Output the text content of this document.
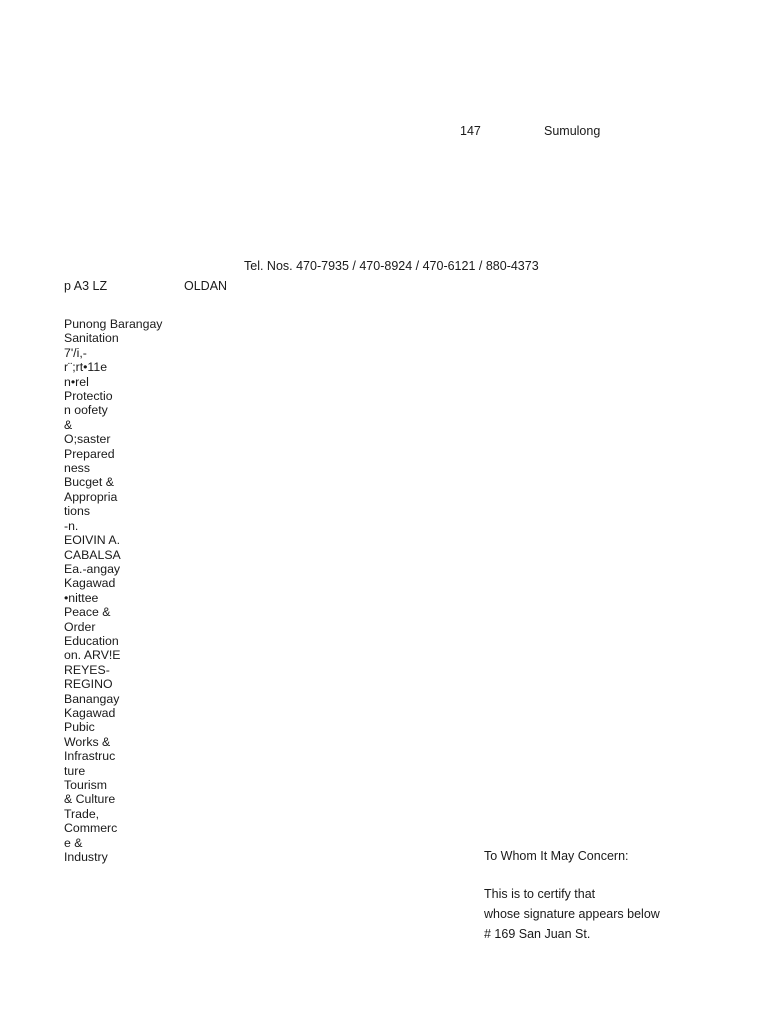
147	Sumulong
Tel. Nos. 470-7935 / 470-8924 / 470-6121 / 880-4373
p A3 LZ	OLDAN
Punong Barangay
Sanitation
7'/i,-
r¨;rt•11e
n•rel
Protectio
n oofety
&
O;saster
Prepared
ness
Bucget &
Appropria
tions
-n.
EOIVIN A.
CABALSA
Ea.-angay
Kagawad
•nittee
Peace &
Order
Education
on. ARV!E
REYES-
REGINO
Banangay
Kagawad
Pubic
Works &
Infrastruc
ture
Tourism
& Culture
Trade,
Commerc
e &
Industry	To Whom It May Concern:
This is to certify that
whose signature appears below
# 169 San Juan St.
